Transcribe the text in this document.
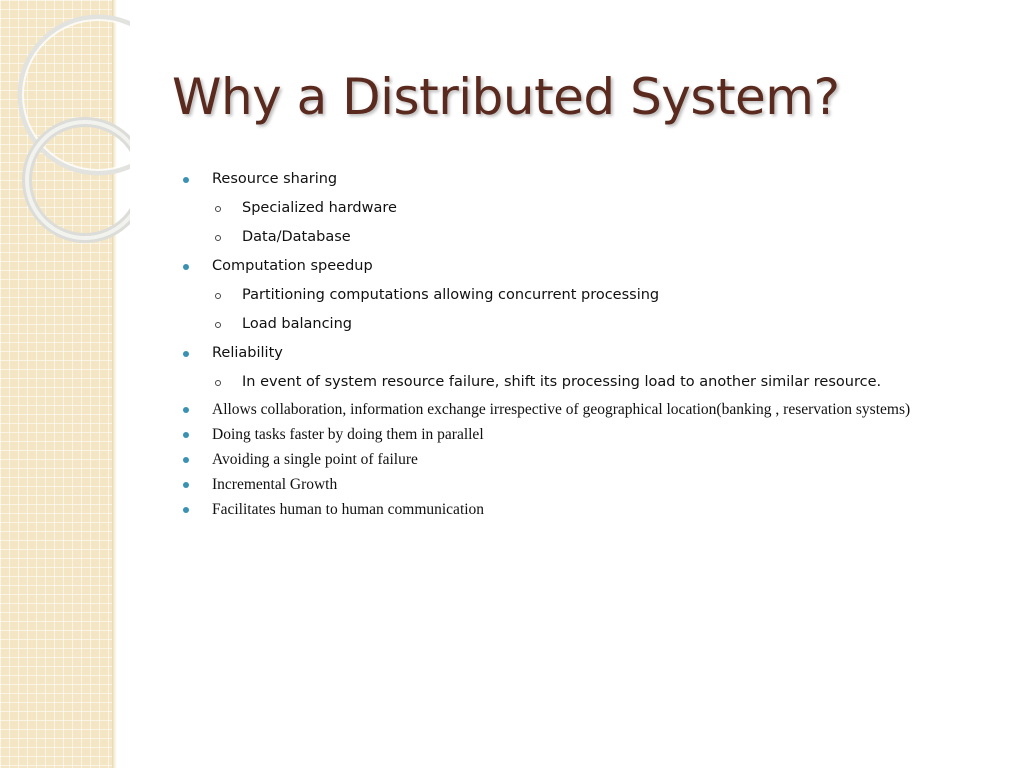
Why a Distributed System?
Resource sharing
Specialized hardware
Data/Database
Computation speedup
Partitioning computations allowing concurrent processing
Load balancing
Reliability
In event of system resource failure, shift its processing load to another similar resource.
Allows collaboration, information exchange irrespective of geographical location(banking , reservation systems)
Doing tasks faster by doing them in parallel
Avoiding a single point of failure
Incremental Growth
Facilitates human to human communication
